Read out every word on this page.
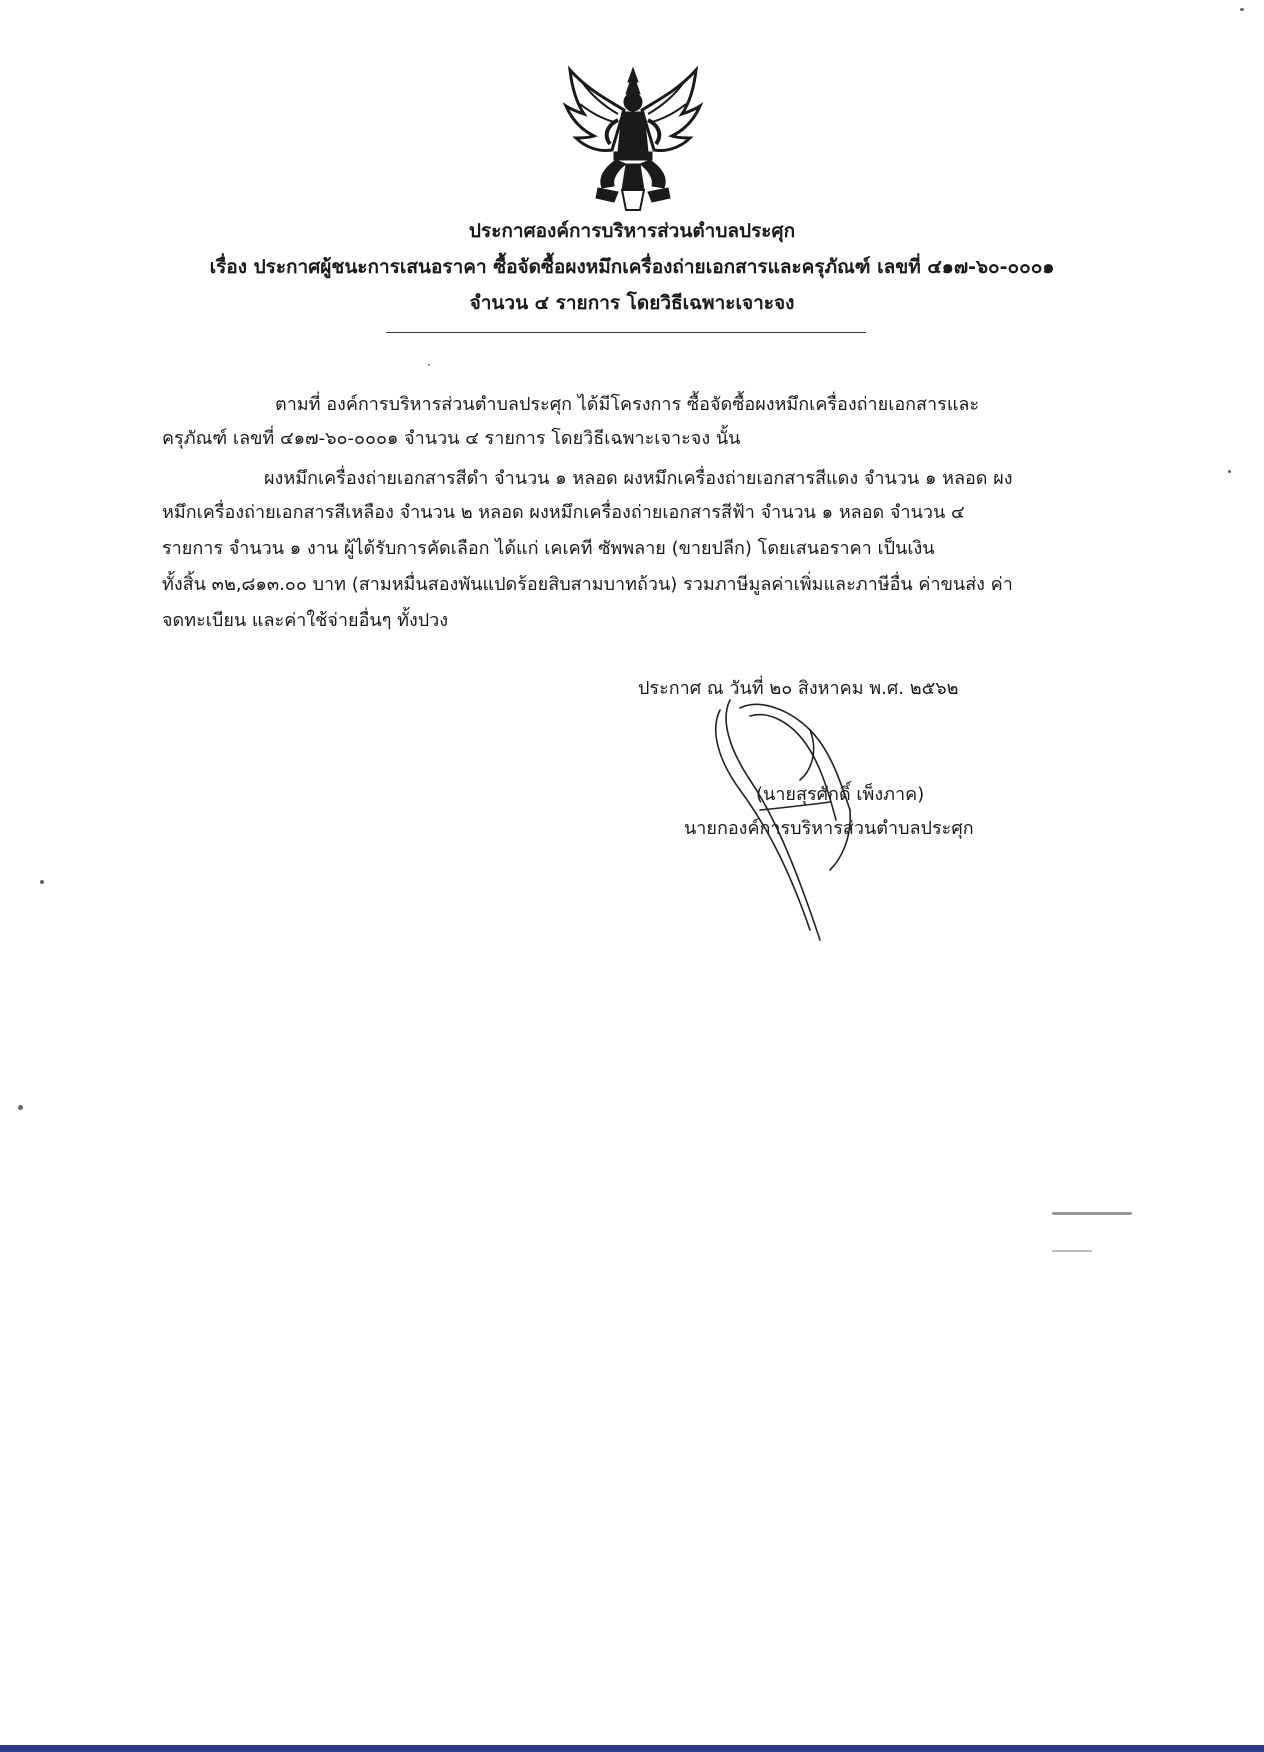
ประกาศองค์การบริหารส่วนตำบลประศุก
เรื่อง ประกาศผู้ชนะการเสนอราคา ซื้อจัดซื้อผงหมึกเครื่องถ่ายเอกสารและครุภัณฑ์ เลขที่ ๔๑๗-๖๐-๐๐๐๑
จำนวน ๔ รายการ โดยวิธีเฉพาะเจาะจง
ตามที่ องค์การบริหารส่วนตำบลประศุก ได้มีโครงการ ซื้อจัดซื้อผงหมึกเครื่องถ่ายเอกสารและ
ครุภัณฑ์ เลขที่ ๔๑๗-๖๐-๐๐๐๑ จำนวน ๔ รายการ โดยวิธีเฉพาะเจาะจง นั้น
ผงหมึกเครื่องถ่ายเอกสารสีดำ จำนวน ๑ หลอด ผงหมึกเครื่องถ่ายเอกสารสีแดง จำนวน ๑ หลอด ผง
หมึกเครื่องถ่ายเอกสารสีเหลือง จำนวน ๒ หลอด ผงหมึกเครื่องถ่ายเอกสารสีฟ้า จำนวน ๑ หลอด จำนวน ๔
รายการ จำนวน ๑ งาน ผู้ได้รับการคัดเลือก ได้แก่ เคเคที ซัพพลาย (ขายปลีก) โดยเสนอราคา เป็นเงิน
ทั้งสิ้น ๓๒,๘๑๓.๐๐ บาท (สามหมื่นสองพันแปดร้อยสิบสามบาทถ้วน) รวมภาษีมูลค่าเพิ่มและภาษีอื่น ค่าขนส่ง ค่า
จดทะเบียน และค่าใช้จ่ายอื่นๆ ทั้งปวง
ประกาศ ณ วันที่ ๒๐ สิงหาคม พ.ศ. ๒๕๖๒
(นายสุรศักดิ์ เพ็งภาค)
นายกองค์การบริหารส่วนตำบลประศุก
